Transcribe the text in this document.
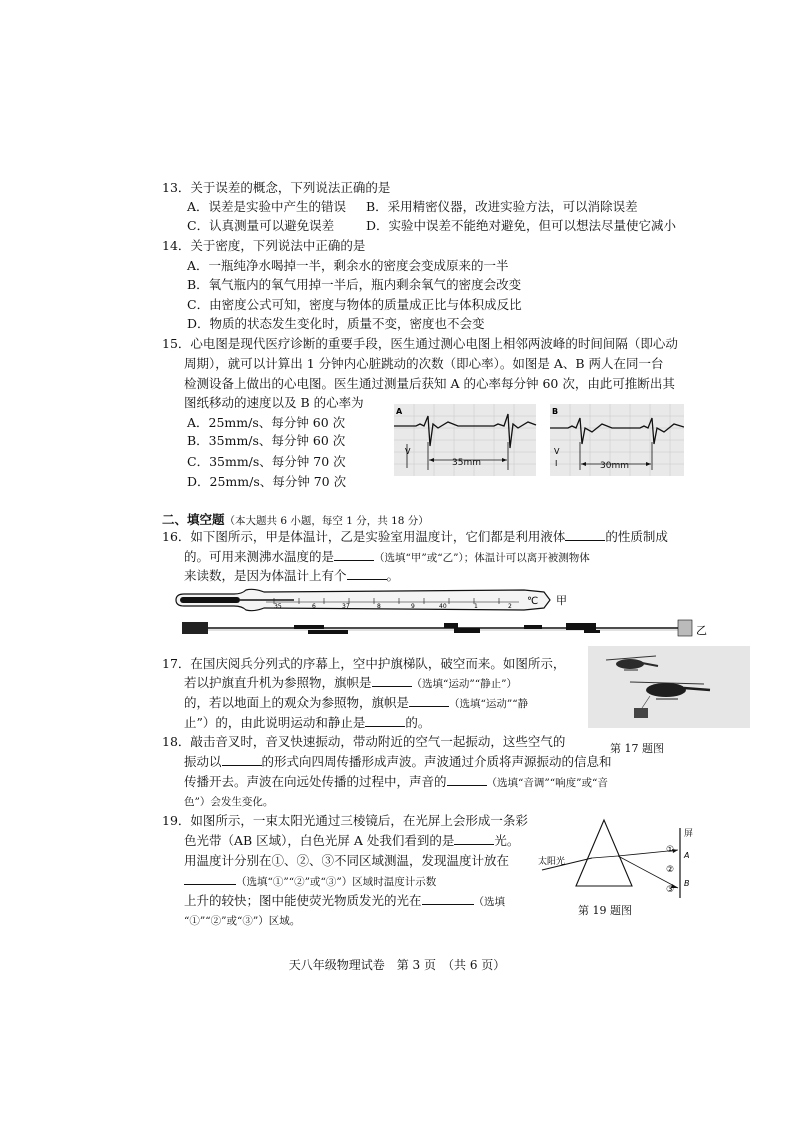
13．关于误差的概念，下列说法正确的是
A．误差是实验中产生的错误 B．采用精密仪器，改进实验方法，可以消除误差
C．认真测量可以避免误差	D．实验中误差不能绝对避免，但可以想法尽量使它减小
14．关于密度，下列说法中正确的是
A．一瓶纯净水喝掉一半，剩余水的密度会变成原来的一半
B．氧气瓶内的氧气用掉一半后，瓶内剩余氧气的密度会改变
C．由密度公式可知，密度与物体的质量成正比与体积成反比
D．物质的状态发生变化时，质量不变，密度也不会变
15．心电图是现代医疗诊断的重要手段，医生通过测心电图上相邻两波峰的时间间隔（即心动
周期），就可以计算出 1 分钟内心脏跳动的次数（即心率）。如图是 A、B 两人在同一台
检测设备上做出的心电图。医生通过测量后获知 A 的心率每分钟 60 次，由此可推断出其
图纸移动的速度以及 B 的心率为
A．25mm/s、每分钟 60 次
B．35mm/s、每分钟 60 次
C．35mm/s、每分钟 70 次
D．25mm/s、每分钟 70 次
A
V
35mm
B
V
I	30mm
二、填空题（本大题共 6 小题，每空 1 分，共 18 分）
16．如下图所示，甲是体温计，乙是实验室用温度计，它们都是利用液体	的性质制成
的。可用来测沸水温度的是	（选填“甲”或“乙”）；体温计可以离开被测物体
来读数，是因为体温计上有个	。
35	6	37	8	9	40	1	2 ℃ 甲
乙
17．在国庆阅兵分列式的序幕上，空中护旗梯队，破空而来。如图所示，
若以护旗直升机为参照物，旗帜是	（选填“运动”“静止”）
的，若以地面上的观众为参照物，旗帜是	（选填“运动”“静
止”）的，由此说明运动和静止是	的。
第 17 题图
18．敲击音叉时，音叉快速振动，带动附近的空气一起振动，这些空气的
振动以	的形式向四周传播形成声波。声波通过介质将声源振动的信息和
传播开去。声波在向远处传播的过程中，声音的	（选填“音调”“响度”或“音
色”）会发生变化。
19．如图所示，一束太阳光通过三棱镜后，在光屏上会形成一条彩
色光带（AB 区域），白色光屏 A 处我们看到的是	光。
用温度计分别在①、②、③不同区域测温，发现温度计放在
（选填“①”“②”或“③”）区域时温度计示数
上升的较快；图中能使荧光物质发光的光在	（选填
“①”“②”或“③”）区域。
太阳光
屏
A
B
①
②
③
第 19 题图
天八年级物理试卷　第 3 页　（共 6 页）
